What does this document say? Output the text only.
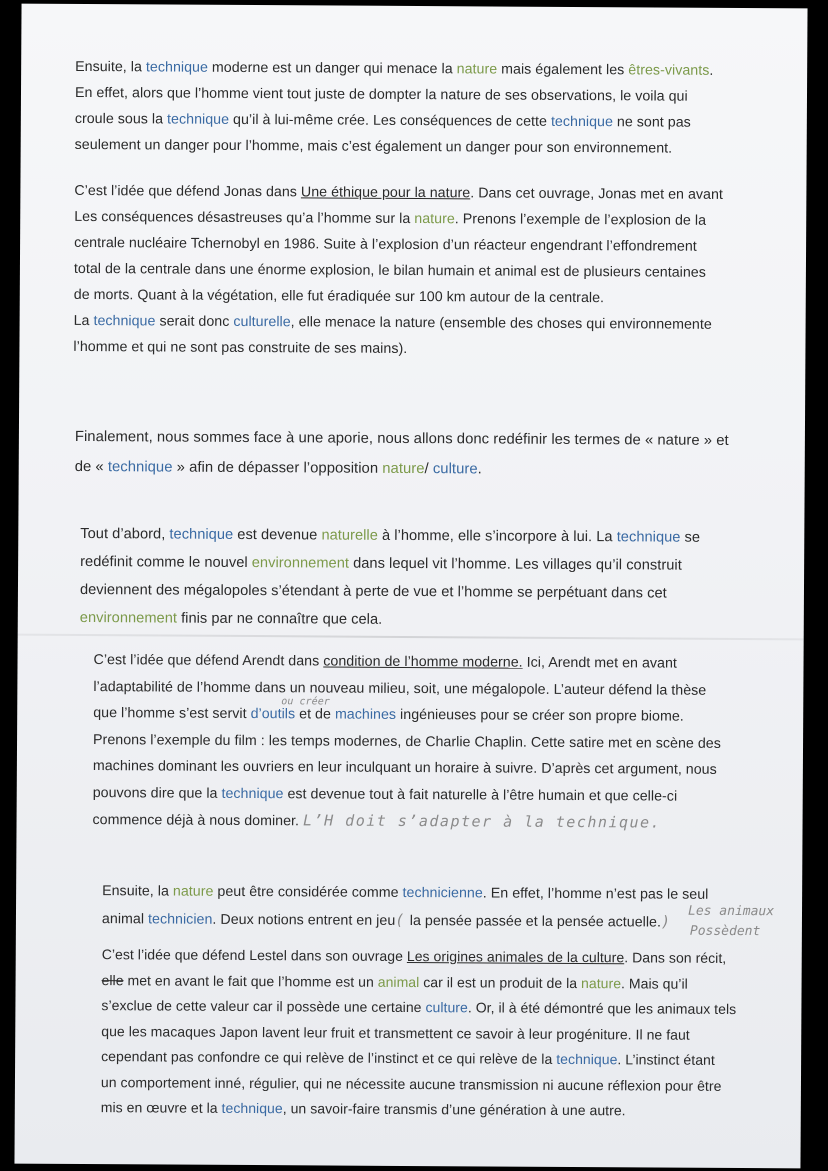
Ensuite, la technique moderne est un danger qui menace la nature mais également les êtres-vivants.
En effet, alors que l’homme vient tout juste de dompter la nature de ses observations, le voila qui
croule sous la technique qu’il à lui-même crée. Les conséquences de cette technique ne sont pas
seulement un danger pour l’homme, mais c’est également un danger pour son environnement.
C’est l’idée que défend Jonas dans Une éthique pour la nature. Dans cet ouvrage, Jonas met en avant
Les conséquences désastreuses qu’a l’homme sur la nature. Prenons l’exemple de l’explosion de la
centrale nucléaire Tchernobyl en 1986. Suite à l’explosion d’un réacteur engendrant l’effondrement
total de la centrale dans une énorme explosion, le bilan humain et animal est de plusieurs centaines
de morts. Quant à la végétation, elle fut éradiquée sur 100 km autour de la centrale.
La technique serait donc culturelle, elle menace la nature (ensemble des choses qui environnemente
l’homme et qui ne sont pas construite de ses mains).
Finalement, nous sommes face à une aporie, nous allons donc redéfinir les termes de « nature » et
de « technique » afin de dépasser l’opposition nature/ culture.
Tout d’abord, technique est devenue naturelle à l’homme, elle s’incorpore à lui. La technique se
redéfinit comme le nouvel environnement dans lequel vit l’homme. Les villages qu’il construit
deviennent des mégalopoles s’étendant à perte de vue et l’homme se perpétuant dans cet
environnement finis par ne connaître que cela.
C’est l’idée que défend Arendt dans condition de l’homme moderne. Ici, Arendt met en avant
l’adaptabilité de l’homme dans un nouveau milieu, soit, une mégalopole. L’auteur défend la thèse
que l’homme s’est servit d’outils et de machines ingénieuses pour se créer son propre biome.
ou créer
Prenons l’exemple du film : les temps modernes, de Charlie Chaplin. Cette satire met en scène des
machines dominant les ouvriers en leur inculquant un horaire à suivre. D’après cet argument, nous
pouvons dire que la technique est devenue tout à fait naturelle à l’être humain et que celle-ci
commence déjà à nous dominer. L’H doit s’adapter à la technique.
Ensuite, la nature peut être considérée comme technicienne. En effet, l’homme n’est pas le seul
animal technicien. Deux notions entrent en jeu( la pensée passée et la pensée actuelle.)
Les animaux
Possèdent
C’est l’idée que défend Lestel dans son ouvrage Les origines animales de la culture. Dans son récit,
elle met en avant le fait que l’homme est un animal car il est un produit de la nature. Mais qu’il
s’exclue de cette valeur car il possède une certaine culture. Or, il à été démontré que les animaux tels
que les macaques Japon lavent leur fruit et transmettent ce savoir à leur progéniture. Il ne faut
cependant pas confondre ce qui relève de l’instinct et ce qui relève de la technique. L’instinct étant
un comportement inné, régulier, qui ne nécessite aucune transmission ni aucune réflexion pour être
mis en œuvre et la technique, un savoir-faire transmis d’une génération à une autre.
